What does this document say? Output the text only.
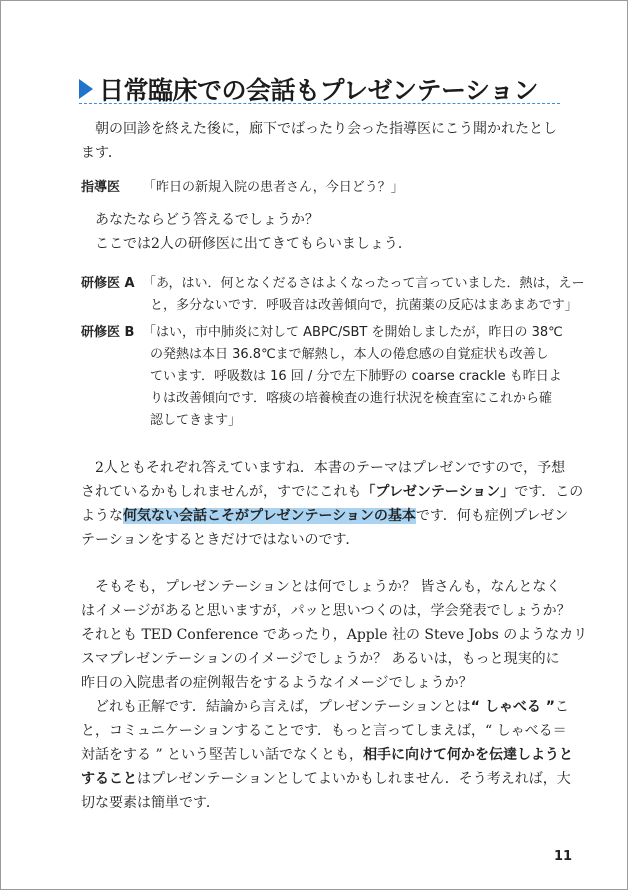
日常臨床での会話もプレゼンテーション
朝の回診を終えた後に，廊下でばったり会った指導医にこう聞かれたとし
ます．
指導医 「昨日の新規入院の患者さん，今日どう？」
あなたならどう答えるでしょうか？
ここでは2人の研修医に出てきてもらいましょう．
研修医 A 「あ，はい．何となくだるさはよくなったって言っていました．熱は，えー
と，多分ないです．呼吸音は改善傾向で，抗菌薬の反応はまあまあです」
研修医 B 「はい，市中肺炎に対して ABPC/SBT を開始しましたが，昨日の 38℃
の発熱は本日 36.8℃まで解熱し，本人の倦怠感の自覚症状も改善し
ています．呼吸数は 16 回 / 分で左下肺野の coarse crackle も昨日よ
りは改善傾向です．喀痰の培養検査の進行状況を検査室にこれから確
認してきます」
2人ともそれぞれ答えていますね．本書のテーマはプレゼンですので，予想
されているかもしれませんが，すでにこれも「プレゼンテーション」です．この
ような何気ない会話こそがプレゼンテーションの基本です．何も症例プレゼン
テーションをするときだけではないのです．
そもそも，プレゼンテーションとは何でしょうか？ 皆さんも，なんとなく
はイメージがあると思いますが，パッと思いつくのは，学会発表でしょうか？
それとも TED Conference であったり，Apple 社の Steve Jobs のようなカリ
スマプレゼンテーションのイメージでしょうか？ あるいは，もっと現実的に
昨日の入院患者の症例報告をするようなイメージでしょうか？
どれも正解です．結論から言えば，プレゼンテーションとは“ しゃべる ”こ
と，コミュニケーションすることです．もっと言ってしまえば，“ しゃべる＝
対話をする ” という堅苦しい話でなくとも，相手に向けて何かを伝達しようと
することはプレゼンテーションとしてよいかもしれません．そう考えれば，大
切な要素は簡単です．
11
